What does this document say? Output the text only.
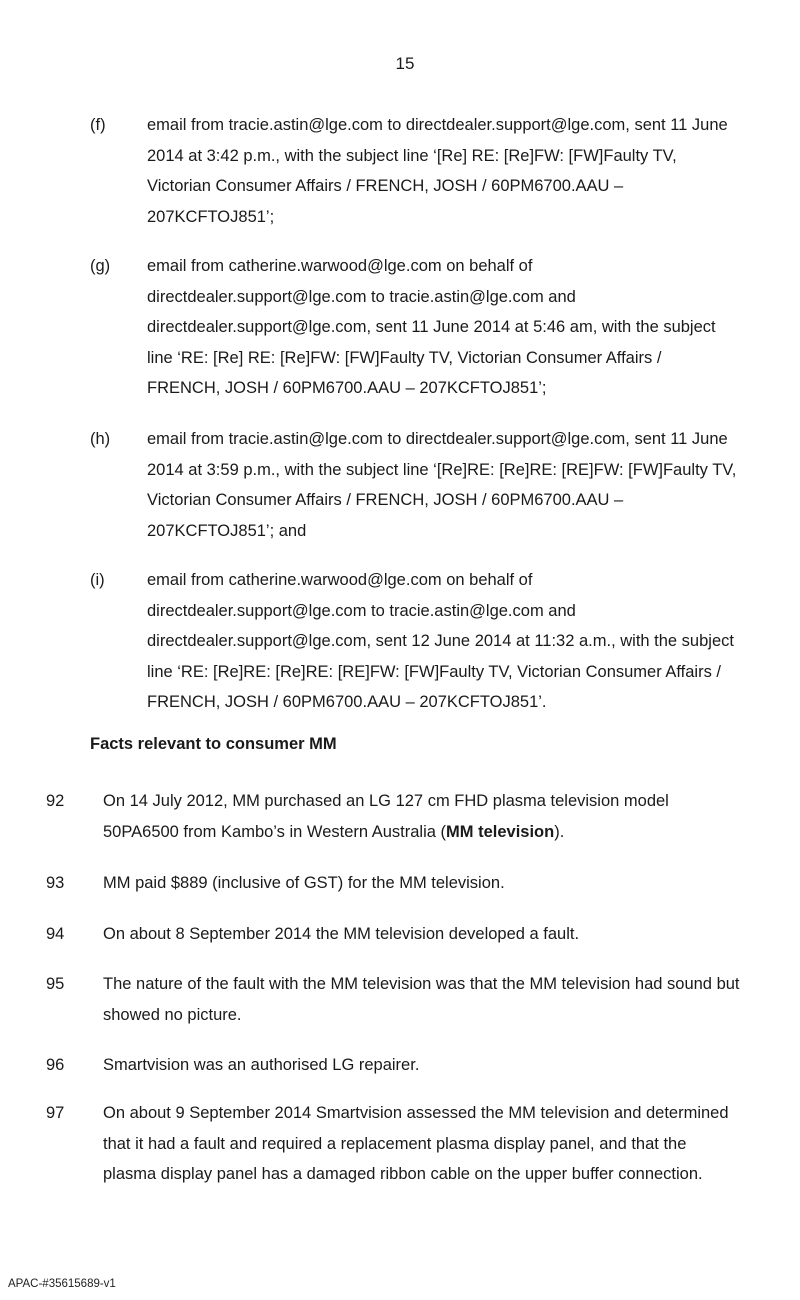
15
(f)	email from tracie.astin@lge.com to directdealer.support@lge.com, sent 11 June
2014 at 3:42 p.m., with the subject line ‘[Re] RE: [Re]FW: [FW]Faulty TV,
Victorian Consumer Affairs / FRENCH, JOSH / 60PM6700.AAU –
207KCFTOJ851’;
(g)	email from catherine.warwood@lge.com on behalf of
directdealer.support@lge.com to tracie.astin@lge.com and
directdealer.support@lge.com, sent 11 June 2014 at 5:46 am, with the subject
line ‘RE: [Re] RE: [Re]FW: [FW]Faulty TV, Victorian Consumer Affairs /
FRENCH, JOSH / 60PM6700.AAU – 207KCFTOJ851’;
(h)	email from tracie.astin@lge.com to directdealer.support@lge.com, sent 11 June
2014 at 3:59 p.m., with the subject line ‘[Re]RE: [Re]RE: [RE]FW: [FW]Faulty TV,
Victorian Consumer Affairs / FRENCH, JOSH / 60PM6700.AAU –
207KCFTOJ851’; and
(i)	email from catherine.warwood@lge.com on behalf of
directdealer.support@lge.com to tracie.astin@lge.com and
directdealer.support@lge.com, sent 12 June 2014 at 11:32 a.m., with the subject
line ‘RE: [Re]RE: [Re]RE: [RE]FW: [FW]Faulty TV, Victorian Consumer Affairs /
FRENCH, JOSH / 60PM6700.AAU – 207KCFTOJ851’.
Facts relevant to consumer MM
92	On 14 July 2012, MM purchased an LG 127 cm FHD plasma television model
50PA6500 from Kambo’s in Western Australia (MM television).
93	MM paid $889 (inclusive of GST) for the MM television.
94	On about 8 September 2014 the MM television developed a fault.
95	The nature of the fault with the MM television was that the MM television had sound but
showed no picture.
96	Smartvision was an authorised LG repairer.
97	On about 9 September 2014 Smartvision assessed the MM television and determined
that it had a fault and required a replacement plasma display panel, and that the
plasma display panel has a damaged ribbon cable on the upper buffer connection.
APAC-#35615689-v1
